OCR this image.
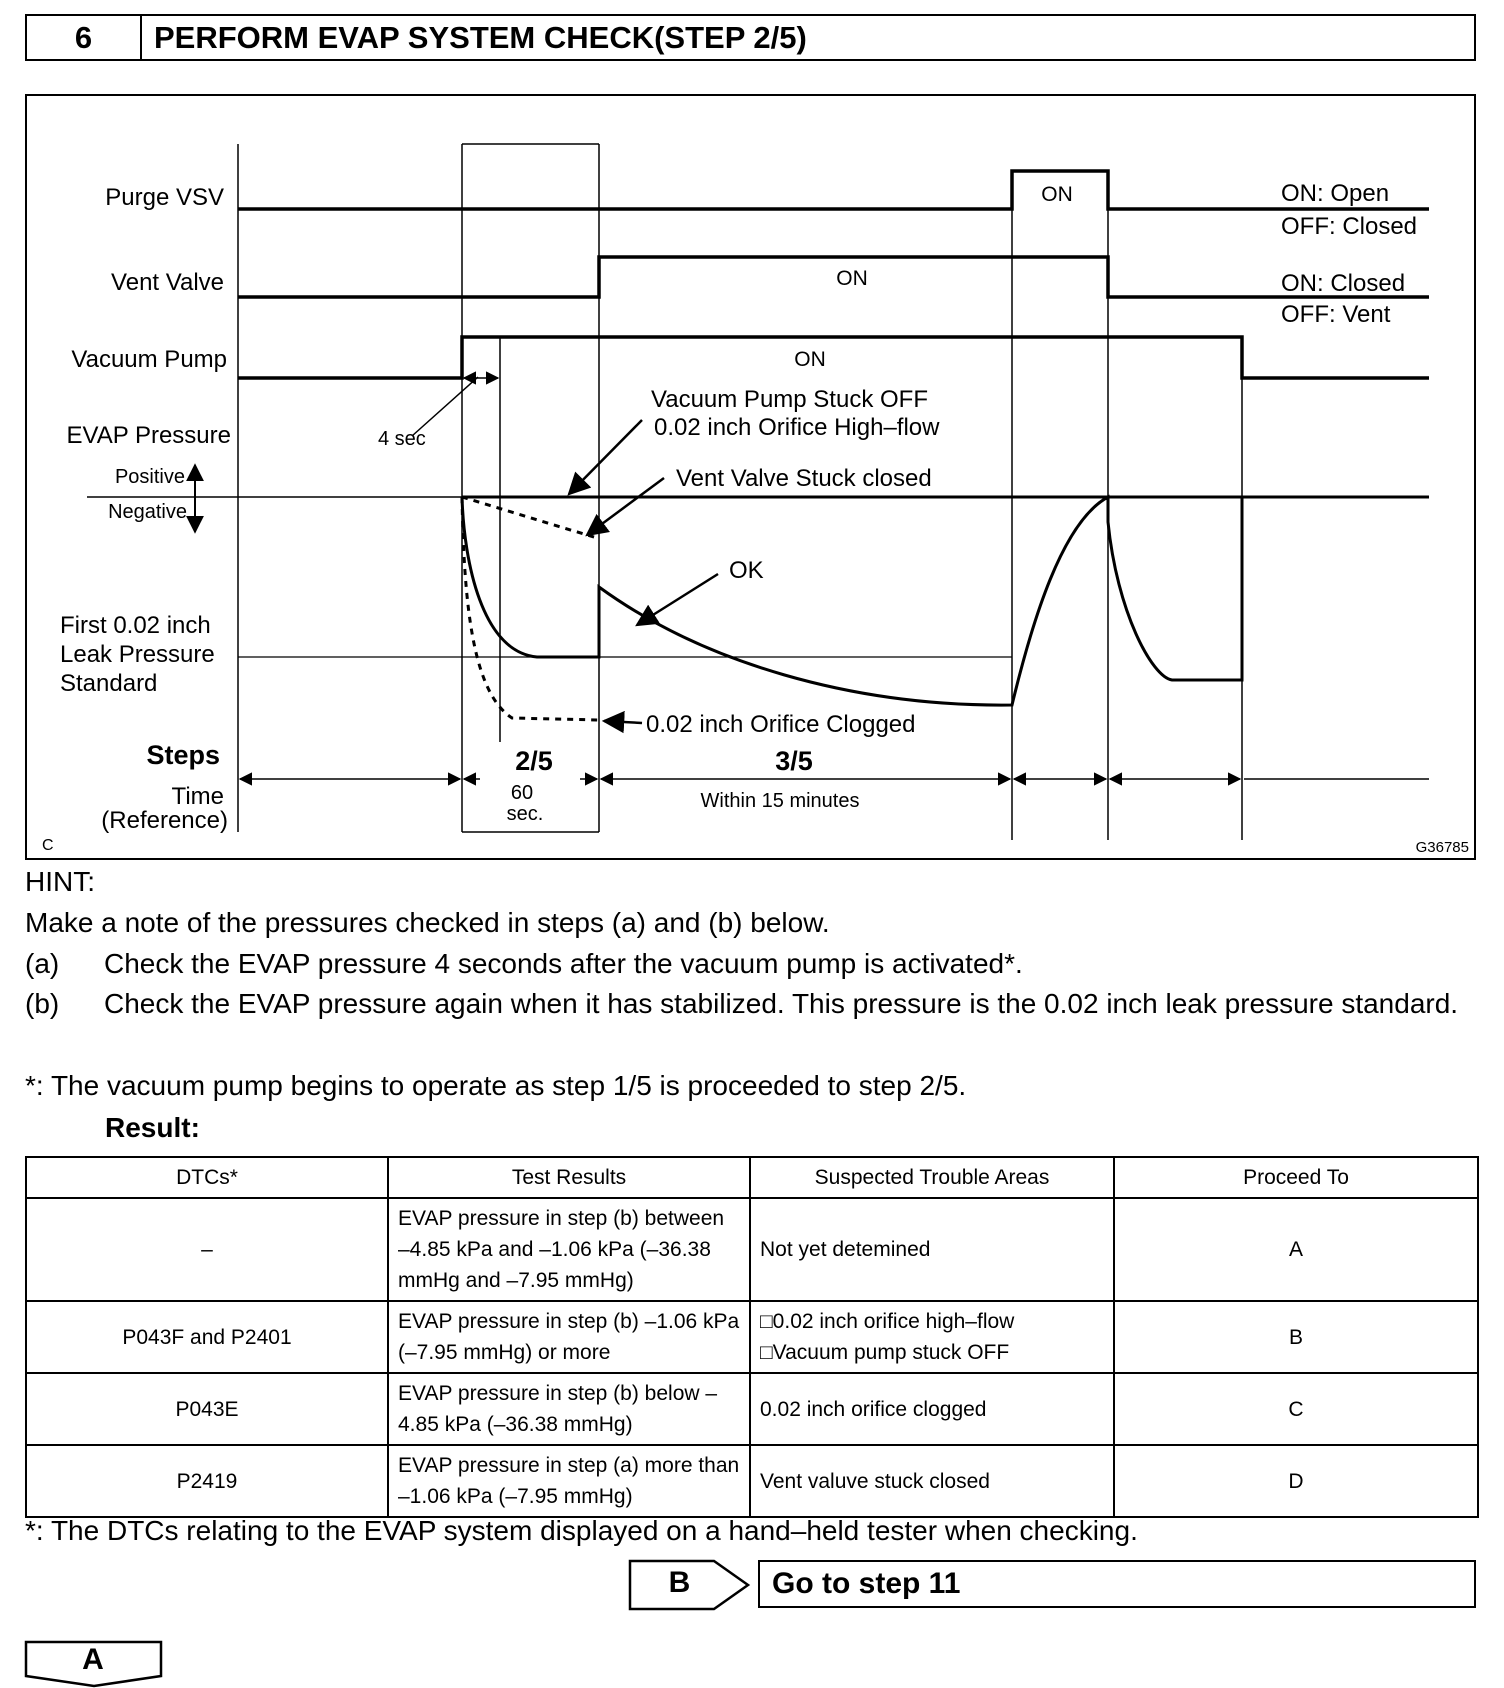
6	PERFORM EVAP SYSTEM CHECK(STEP 2/5)
Purge VSV
Vent Valve
Vacuum Pump
EVAP Pressure
Positive
Negative
First 0.02 inch
Leak Pressure
Standard
Steps
Time
(Reference)
ON
ON
ON
ON: Open
OFF: Closed
ON: Closed
OFF: Vent
4 sec
Vacuum Pump Stuck OFF
0.02 inch Orifice High–flow
Vent Valve Stuck closed
OK
0.02 inch Orifice Clogged
2/5	3/5
60
sec.
Within 15 minutes
C	G36785
HINT:
Make a note of the pressures checked in steps (a) and (b) below.
(a) Check the EVAP pressure 4 seconds after the vacuum pump is activated*.
(b) Check the EVAP pressure again when it has stabilized. This pressure is the 0.02 inch leak pressure standard.
*: The vacuum pump begins to operate as step 1/5 is proceeded to step 2/5.
Result:
DTCs*	Test Results	Suspected Trouble Areas	Proceed To
–	EVAP pressure in step (b) between –4.85 kPa and –1.06 kPa (–36.38 mmHg and –7.95 mmHg)	Not yet detemined	A
P043F and P2401	EVAP pressure in step (b) –1.06 kPa (–7.95 mmHg) or more	□0.02 inch orifice high–flow
□Vacuum pump stuck OFF	B
P043E	EVAP pressure in step (b) below –4.85 kPa (–36.38 mmHg)	0.02 inch orifice clogged	C
P2419	EVAP pressure in step (a) more than –1.06 kPa (–7.95 mmHg)	Vent valuve stuck closed	D
*: The DTCs relating to the EVAP system displayed on a hand–held tester when checking.
B	Go to step 11
A
